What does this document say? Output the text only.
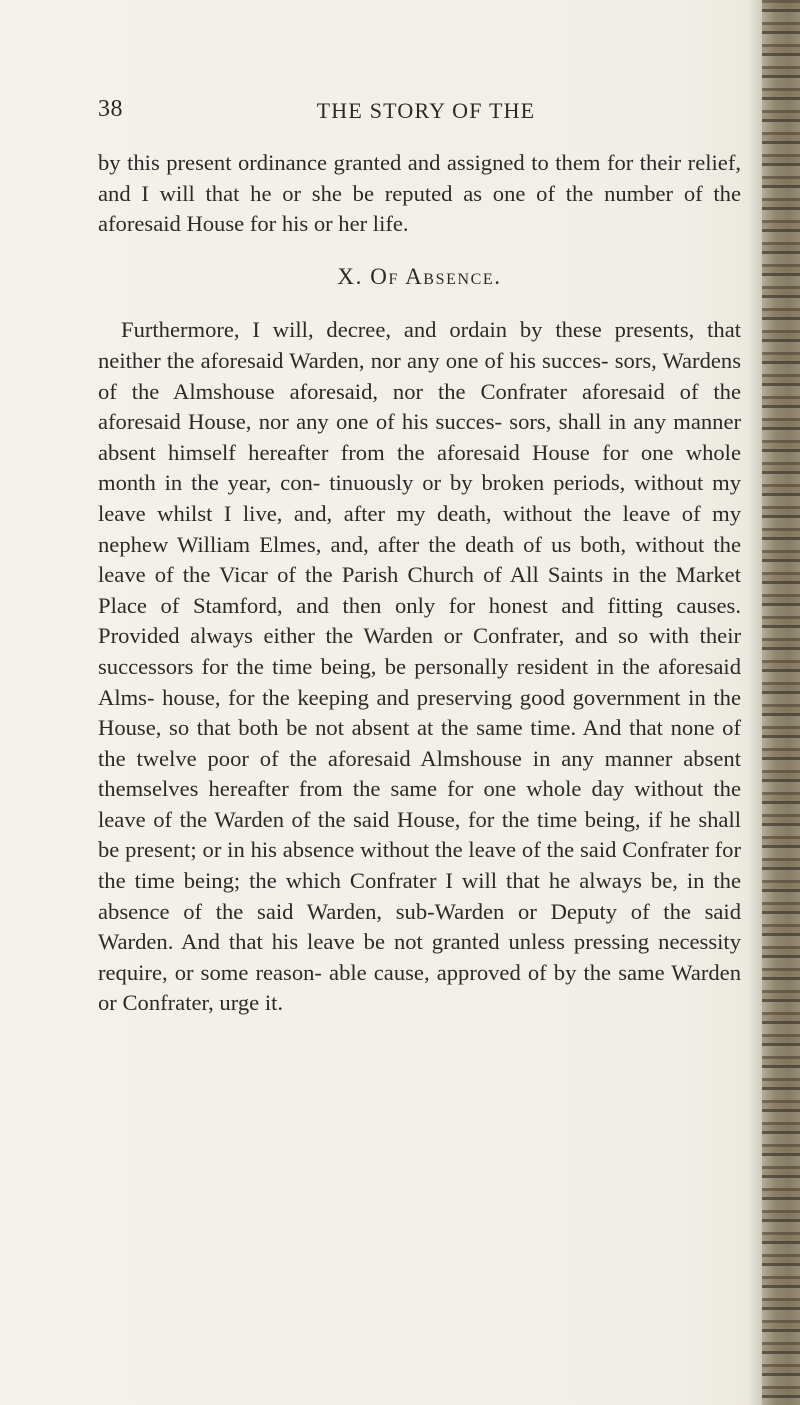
38	THE STORY OF THE

by this present ordinance granted and assigned to them for their relief, and I will that he or she be reputed as one of the number of the aforesaid House for his or her life.

X. Of Absence.

Furthermore, I will, decree, and ordain by these presents, that neither the aforesaid Warden, nor any one of his succes- sors, Wardens of the Almshouse aforesaid, nor the Confrater aforesaid of the aforesaid House, nor any one of his succes- sors, shall in any manner absent himself hereafter from the aforesaid House for one whole month in the year, con- tinuously or by broken periods, without my leave whilst I live, and, after my death, without the leave of my nephew William Elmes, and, after the death of us both, without the leave of the Vicar of the Parish Church of All Saints in the Market Place of Stamford, and then only for honest and fitting causes. Provided always either the Warden or Confrater, and so with their successors for the time being, be personally resident in the aforesaid Alms- house, for the keeping and preserving good government in the House, so that both be not absent at the same time. And that none of the twelve poor of the aforesaid Almshouse in any manner absent themselves hereafter from the same for one whole day without the leave of the Warden of the said House, for the time being, if he shall be present; or in his absence without the leave of the said Confrater for the time being; the which Confrater I will that he always be, in the absence of the said Warden, sub-Warden or Deputy of the said Warden. And that his leave be not granted unless pressing necessity require, or some reason- able cause, approved of by the same Warden or Confrater, urge it.
